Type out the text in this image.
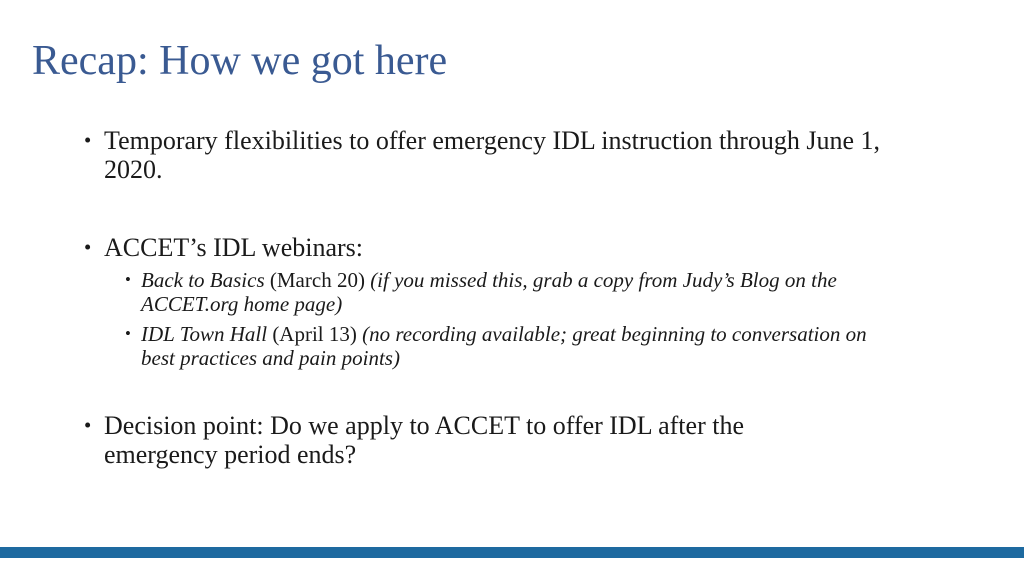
Recap: How we got here
• Temporary flexibilities to offer emergency IDL instruction through June 1, 2020.
• ACCET’s IDL webinars:
• Back to Basics (March 20) (if you missed this, grab a copy from Judy’s Blog on the ACCET.org home page)
• IDL Town Hall (April 13) (no recording available; great beginning to conversation on best practices and pain points)
• Decision point: Do we apply to ACCET to offer IDL after the emergency period ends?
